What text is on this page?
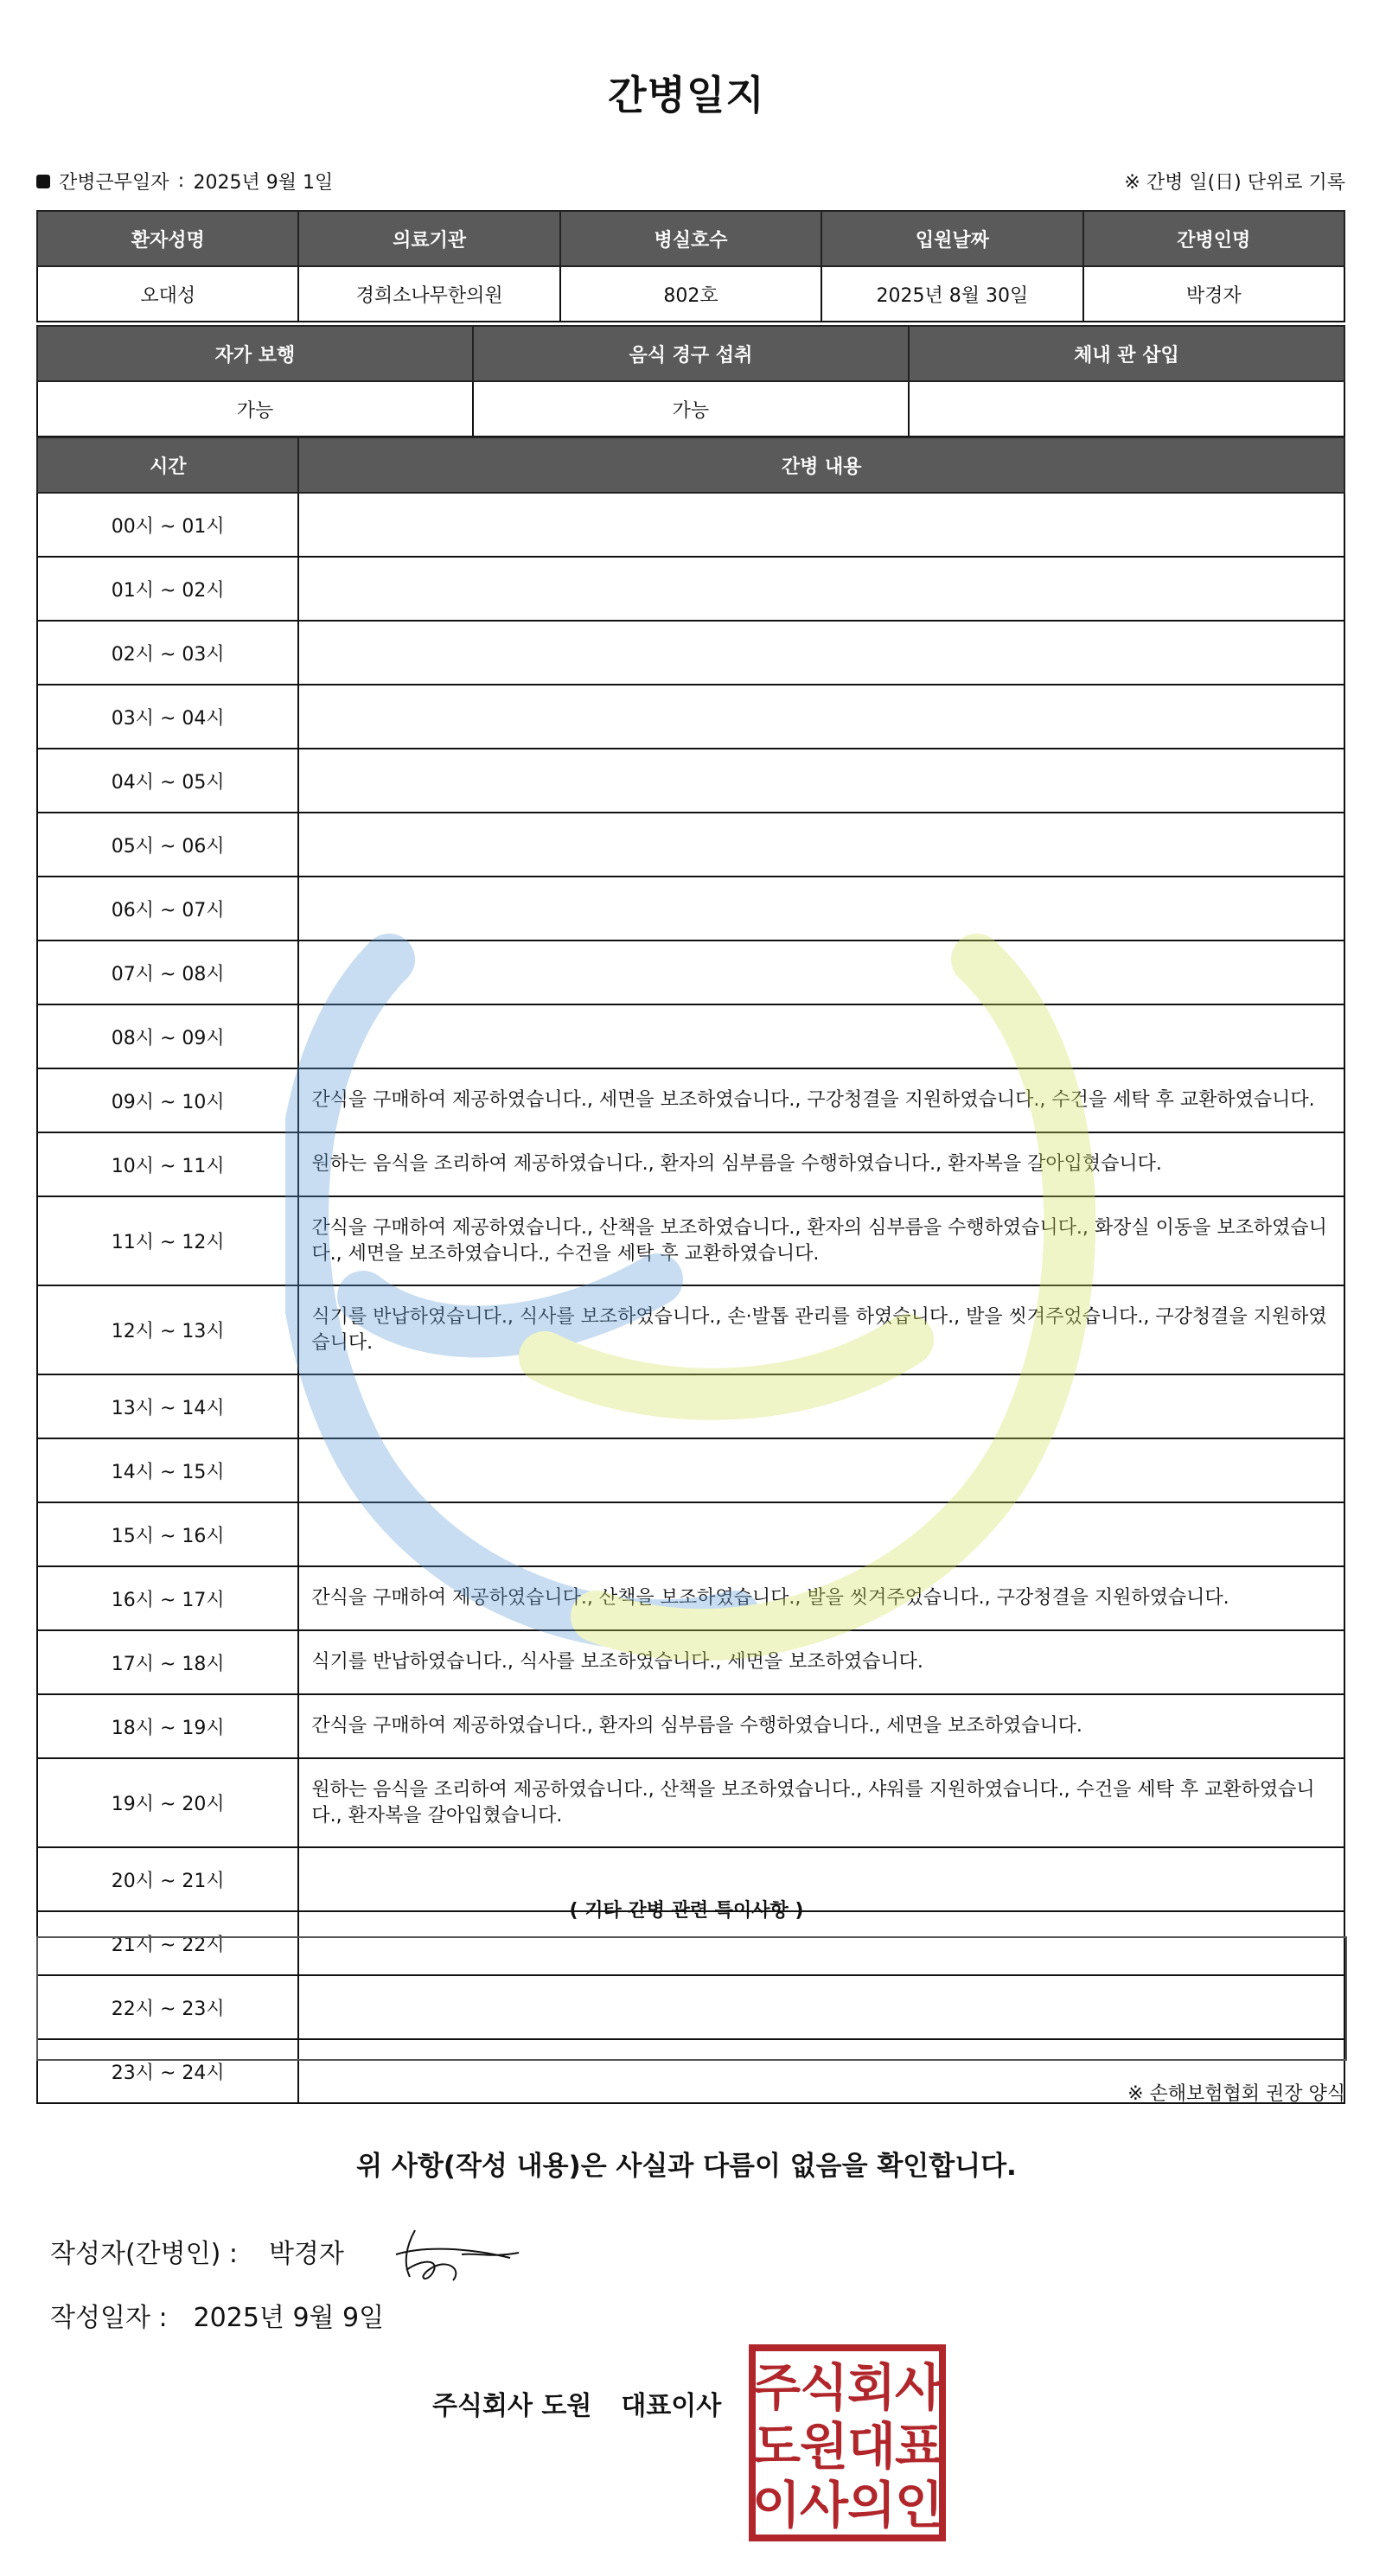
간병일지
간병근무일자 : 2025년 9월 1일	※ 간병 일(日) 단위로 기록
환자성명	의료기관	병실호수	입원날짜	간병인명
오대성	경희소나무한의원	802호	2025년 8월 30일	박경자
자가 보행	음식 경구 섭취	체내 관 삽입
가능	가능	
시간	간병 내용
00시 ~ 01시	
01시 ~ 02시	
02시 ~ 03시	
03시 ~ 04시	
04시 ~ 05시	
05시 ~ 06시	
06시 ~ 07시	
07시 ~ 08시	
08시 ~ 09시	
09시 ~ 10시	간식을 구매하여 제공하였습니다., 세면을 보조하였습니다., 구강청결을 지원하였습니다., 수건을 세탁 후 교환하였습니다.
10시 ~ 11시	원하는 음식을 조리하여 제공하였습니다., 환자의 심부름을 수행하였습니다., 환자복을 갈아입혔습니다.
11시 ~ 12시	간식을 구매하여 제공하였습니다., 산책을 보조하였습니다., 환자의 심부름을 수행하였습니다., 화장실 이동을 보조하였습니다., 세면을 보조하였습니다., 수건을 세탁 후 교환하였습니다.
12시 ~ 13시	식기를 반납하였습니다., 식사를 보조하였습니다., 손·발톱 관리를 하였습니다., 발을 씻겨주었습니다., 구강청결을 지원하였습니다.
13시 ~ 14시	
14시 ~ 15시	
15시 ~ 16시	
16시 ~ 17시	간식을 구매하여 제공하였습니다., 산책을 보조하였습니다., 발을 씻겨주었습니다., 구강청결을 지원하였습니다.
17시 ~ 18시	식기를 반납하였습니다., 식사를 보조하였습니다., 세면을 보조하였습니다.
18시 ~ 19시	간식을 구매하여 제공하였습니다., 환자의 심부름을 수행하였습니다., 세면을 보조하였습니다.
19시 ~ 20시	원하는 음식을 조리하여 제공하였습니다., 산책을 보조하였습니다., 샤워를 지원하였습니다., 수건을 세탁 후 교환하였습니다., 환자복을 갈아입혔습니다.
20시 ~ 21시	
21시 ~ 22시	
22시 ~ 23시	
23시 ~ 24시	
( 기타 간병 관련 특이사항 )
※ 손해보험협회 권장 양식
위 사항(작성 내용)은 사실과 다름이 없음을 확인합니다.
작성자(간병인) : 박경자
작성일자 : 2025년 9월 9일
주식회사 도원 대표이사 주
식
회
사
도
원
대
표
이
사
의
인
